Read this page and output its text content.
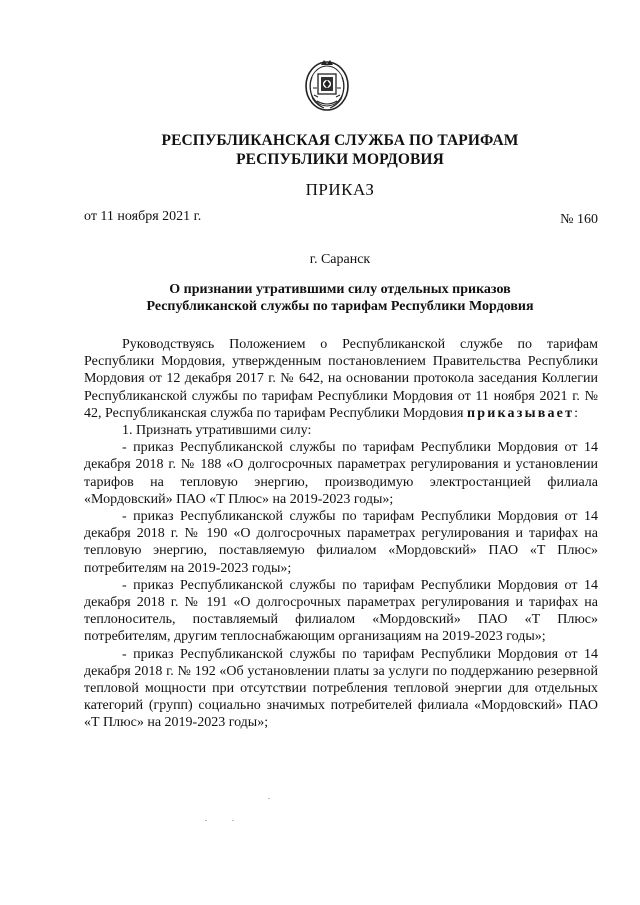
РЕСПУБЛИКАНСКАЯ СЛУЖБА ПО ТАРИФАМ
РЕСПУБЛИКИ МОРДОВИЯ
ПРИКАЗ
от 11 ноября 2021 г.	№ 160
г. Саранск
О признании утратившими силу отдельных приказов
Республиканской службы по тарифам Республики Мордовия

Руководствуясь Положением о Республиканской службе по тарифам Республики Мордовия, утвержденным постановлением Правительства Республики Мордовия от 12 декабря 2017 г. № 642, на основании протокола заседания Коллегии Республиканской службы по тарифам Республики Мордовия от 11 ноября 2021 г. № 42, Республиканская служба по тарифам Республики Мордовия приказывает:

1. Признать утратившими силу:

- приказ Республиканской службы по тарифам Республики Мордовия от 14 декабря 2018 г. № 188 «О долгосрочных параметрах регулирования и установлении тарифов на тепловую энергию, производимую электростанцией филиала «Мордовский» ПАО «Т Плюс» на 2019-2023 годы»;

- приказ Республиканской службы по тарифам Республики Мордовия от 14 декабря 2018 г. № 190 «О долгосрочных параметрах регулирования и тарифах на тепловую энергию, поставляемую филиалом «Мордовский» ПАО «Т Плюс» потребителям на 2019-2023 годы»;

- приказ Республиканской службы по тарифам Республики Мордовия от 14 декабря 2018 г. № 191 «О долгосрочных параметрах регулирования и тарифах на теплоноситель, поставляемый филиалом «Мордовский» ПАО «Т Плюс» потребителям, другим теплоснабжающим организациям на 2019-2023 годы»;

- приказ Республиканской службы по тарифам Республики Мордовия от 14 декабря 2018 г. № 192 «Об установлении платы за услуги по поддержанию резервной тепловой мощности при отсутствии потребления тепловой энергии для отдельных категорий (групп) социально значимых потребителей филиала «Мордовский» ПАО «Т Плюс» на 2019-2023 годы»;
